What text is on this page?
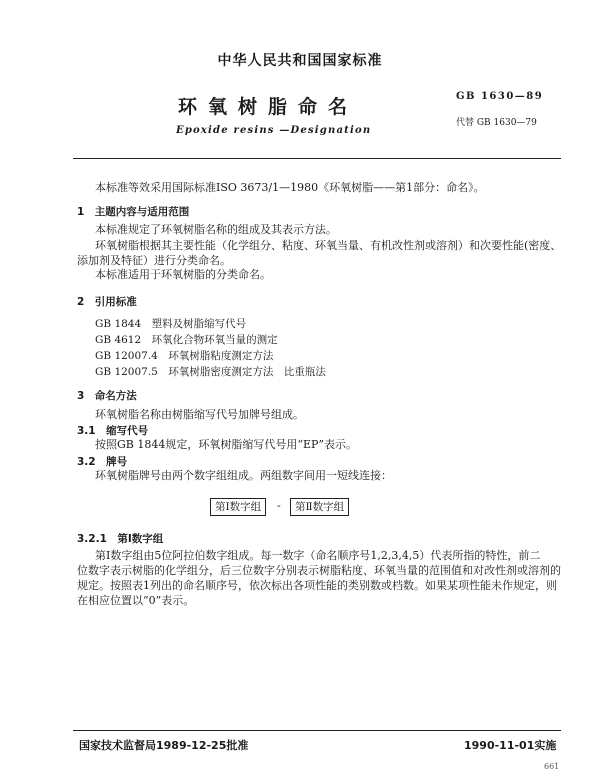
中华人民共和国国家标准
环氧树脂命名
Epoxide resins —Designation
GB 1630—89
代替 GB 1630—79
本标准等效采用国际标准ISO 3673/1—1980《环氧树脂——第1部分：命名》。
1　主题内容与适用范围
本标准规定了环氧树脂名称的组成及其表示方法。
环氧树脂根据其主要性能（化学组分、粘度、环氧当量、有机改性剂或溶剂）和次要性能(密度、
添加剂及特征）进行分类命名。
本标准适用于环氧树脂的分类命名。
2　引用标准
GB 1844　塑料及树脂缩写代号
GB 4612　环氧化合物环氧当量的测定
GB 12007.4　环氧树脂粘度测定方法
GB 12007.5　环氧树脂密度测定方法　比重瓶法
3　命名方法
环氧树脂名称由树脂缩写代号加牌号组成。
3.1　缩写代号
按照GB 1844规定，环氧树脂缩写代号用“EP”表示。
3.2　牌号
环氧树脂牌号由两个数字组组成。两组数字间用一短线连接：
第Ⅰ数字组	-	第Ⅱ数字组
3.2.1　第Ⅰ数字组
第Ⅰ数字组由5位阿拉伯数字组成。每一数字（命名顺序号1,2,3,4,5）代表所指的特性，前二
位数字表示树脂的化学组分，后三位数字分别表示树脂粘度、环氧当量的范围值和对改性剂或溶剂的
规定。按照表1列出的命名顺序号，依次标出各项性能的类别数或档数。如果某项性能未作规定，则
在相应位置以“0”表示。
国家技术监督局1989-12-25批准	1990-11-01实施
661
